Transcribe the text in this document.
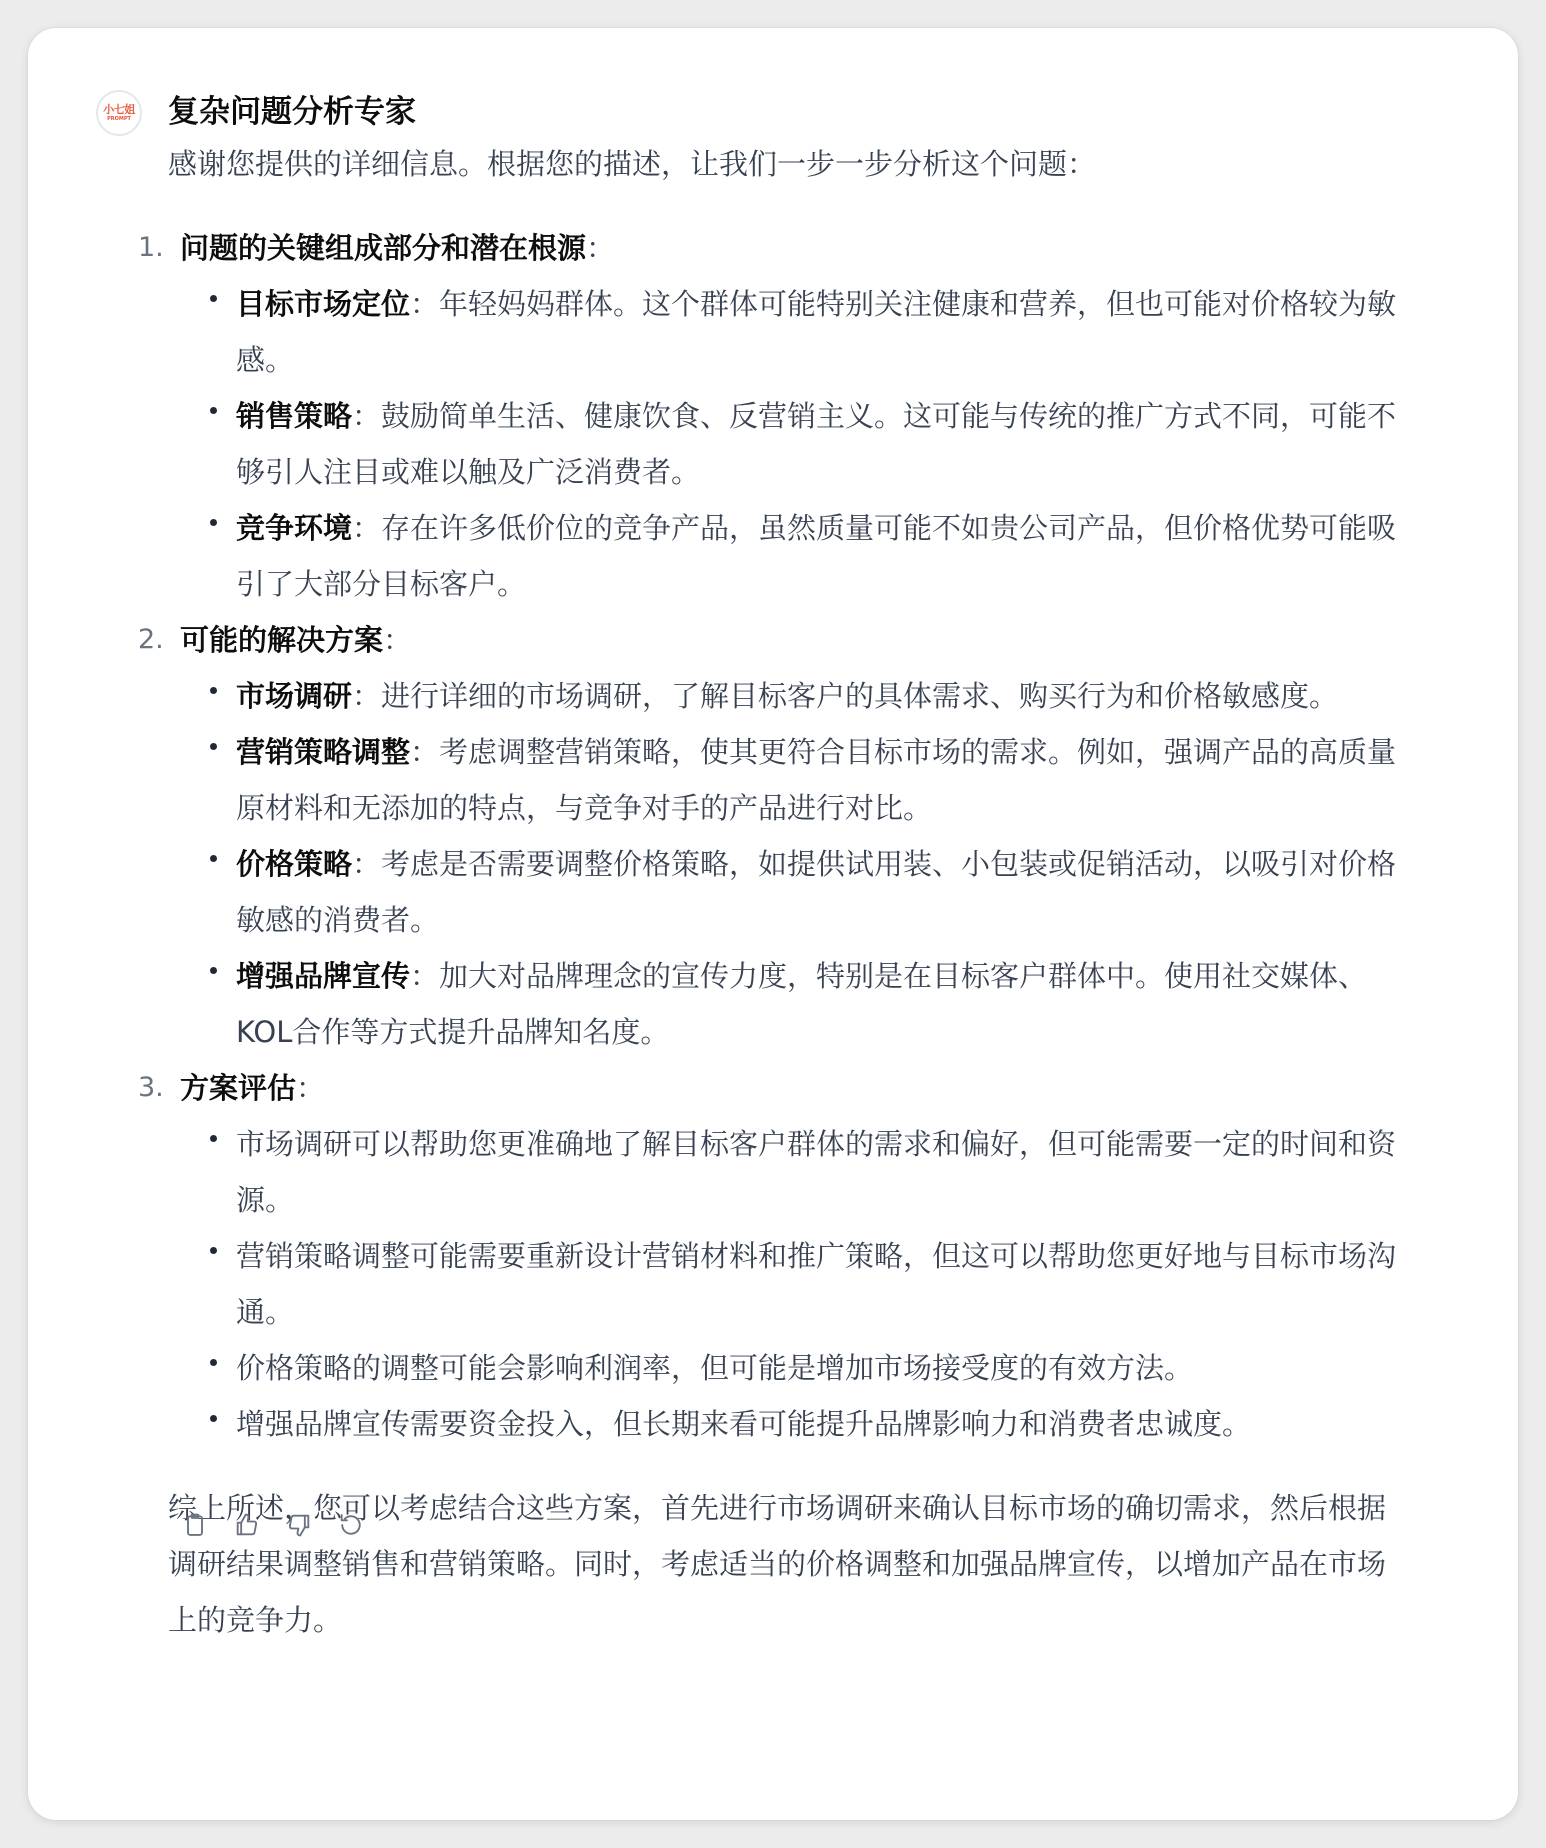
小七姐
PROMPT 复杂问题分析专家

感谢您提供的详细信息。根据您的描述，让我们一步一步分析这个问题：

1. 问题的关键组成部分和潜在根源：
目标市场定位：年轻妈妈群体。这个群体可能特别关注健康和营养，但也可能对价格较为敏感。
销售策略：鼓励简单生活、健康饮食、反营销主义。这可能与传统的推广方式不同，可能不够引人注目或难以触及广泛消费者。
竞争环境：存在许多低价位的竞争产品，虽然质量可能不如贵公司产品，但价格优势可能吸引了大部分目标客户。
2. 可能的解决方案：
市场调研：进行详细的市场调研，了解目标客户的具体需求、购买行为和价格敏感度。
营销策略调整：考虑调整营销策略，使其更符合目标市场的需求。例如，强调产品的高质量原材料和无添加的特点，与竞争对手的产品进行对比。
价格策略：考虑是否需要调整价格策略，如提供试用装、小包装或促销活动，以吸引对价格敏感的消费者。
增强品牌宣传：加大对品牌理念的宣传力度，特别是在目标客户群体中。使用社交媒体、KOL合作等方式提升品牌知名度。
3. 方案评估：
市场调研可以帮助您更准确地了解目标客户群体的需求和偏好，但可能需要一定的时间和资源。
营销策略调整可能需要重新设计营销材料和推广策略，但这可以帮助您更好地与目标市场沟通。
价格策略的调整可能会影响利润率，但可能是增加市场接受度的有效方法。
增强品牌宣传需要资金投入，但长期来看可能提升品牌影响力和消费者忠诚度。

综上所述，您可以考虑结合这些方案，首先进行市场调研来确认目标市场的确切需求，然后根据调研结果调整销售和营销策略。同时，考虑适当的价格调整和加强品牌宣传，以增加产品在市场上的竞争力。
